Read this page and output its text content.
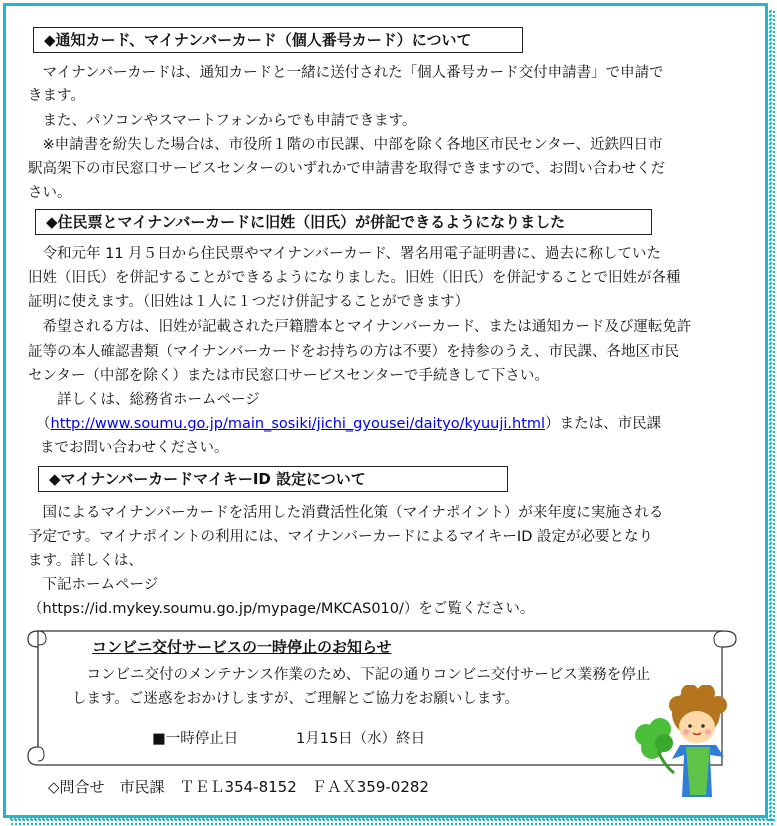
◆通知カード、マイナンバーカード（個人番号カード）について
　マイナンバーカードは、通知カードと一緒に送付された「個人番号カード交付申請書」で申請で
きます。
　また、パソコンやスマートフォンからでも申請できます。
　※申請書を紛失した場合は、市役所１階の市民課、中部を除く各地区市民センター、近鉄四日市
駅高架下の市民窓口サービスセンターのいずれかで申請書を取得できますので、お問い合わせくだ
さい。
◆住民票とマイナンバーカードに旧姓（旧氏）が併記できるようになりました
　令和元年 11 月５日から住民票やマイナンバーカード、署名用電子証明書に、過去に称していた
旧姓（旧氏）を併記することができるようになりました。旧姓（旧氏）を併記することで旧姓が各種
証明に使えます。（旧姓は１人に１つだけ併記することができます）
　希望される方は、旧姓が記載された戸籍謄本とマイナンバーカード、または通知カード及び運転免許
証等の本人確認書類（マイナンバーカードをお持ちの方は不要）を持参のうえ、市民課、各地区市民
センター（中部を除く）または市民窓口サービスセンターで手続きして下さい。
　　詳しくは、総務省ホームページ
（http://www.soumu.go.jp/main_sosiki/jichi_gyousei/daityo/kyuuji.html）または、市民課
までお問い合わせください。
◆マイナンバーカードマイキーID 設定について
　国によるマイナンバーカードを活用した消費活性化策（マイナポイント）が来年度に実施される
予定です。マイナポイントの利用には、マイナンバーカードによるマイキーID 設定が必要となり
ます。詳しくは、
　下記ホームページ
（https://id.mykey.soumu.go.jp/mypage/MKCAS010/）をご覧ください。
コンビニ交付サービスの一時停止のお知らせ
　コンビニ交付のメンテナンス作業のため、下記の通りコンビニ交付サービス業務を停止
します。ご迷惑をおかけしますが、ご理解とご協力をお願いします。
■一時停止日	1月15日（水）終日
◇問合せ　市民課　ＴＥＬ354-8152　ＦＡＸ359-0282
